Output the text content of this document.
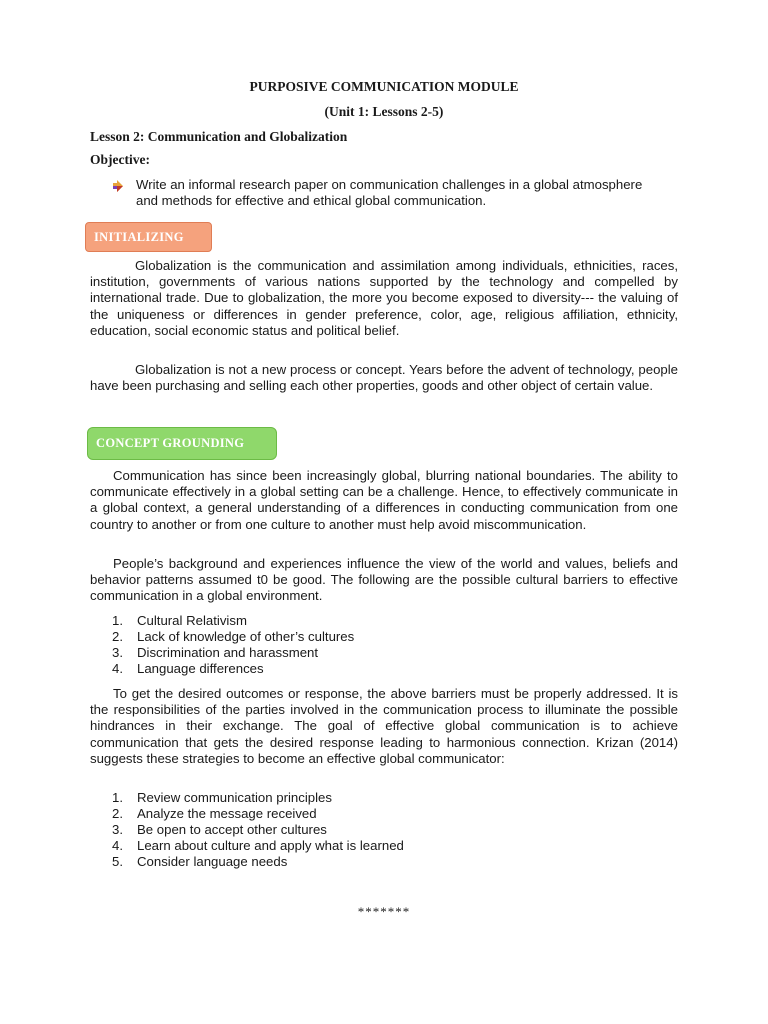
PURPOSIVE COMMUNICATION MODULE
(Unit 1: Lessons 2-5)
Lesson 2: Communication and Globalization
Objective:
Write an informal research paper on communication challenges in a global atmosphere and methods for effective and ethical global communication.
INITIALIZING
Globalization is the communication and assimilation among individuals, ethnicities, races, institution, governments of various nations supported by the technology and compelled by international trade. Due to globalization, the more you become exposed to diversity--- the valuing of the uniqueness or differences in gender preference, color, age, religious affiliation, ethnicity, education, social economic status and political belief.
Globalization is not a new process or concept. Years before the advent of technology, people have been purchasing and selling each other properties, goods and other object of certain value.
CONCEPT GROUNDING
Communication has since been increasingly global, blurring national boundaries. The ability to communicate effectively in a global setting can be a challenge. Hence, to effectively communicate in a global context, a general understanding of a differences in conducting communication from one country to another or from one culture to another must help avoid miscommunication.
People’s background and experiences influence the view of the world and values, beliefs and behavior patterns assumed t0 be good. The following are the possible cultural barriers to effective communication in a global environment.
1. Cultural Relativism
2. Lack of knowledge of other’s cultures
3. Discrimination and harassment
4. Language differences
To get the desired outcomes or response, the above barriers must be properly addressed. It is the responsibilities of the parties involved in the communication process to illuminate the possible hindrances in their exchange. The goal of effective global communication is to achieve communication that gets the desired response leading to harmonious connection. Krizan (2014) suggests these strategies to become an effective global communicator:
1. Review communication principles
2. Analyze the message received
3. Be open to accept other cultures
4. Learn about culture and apply what is learned
5. Consider language needs
*******
